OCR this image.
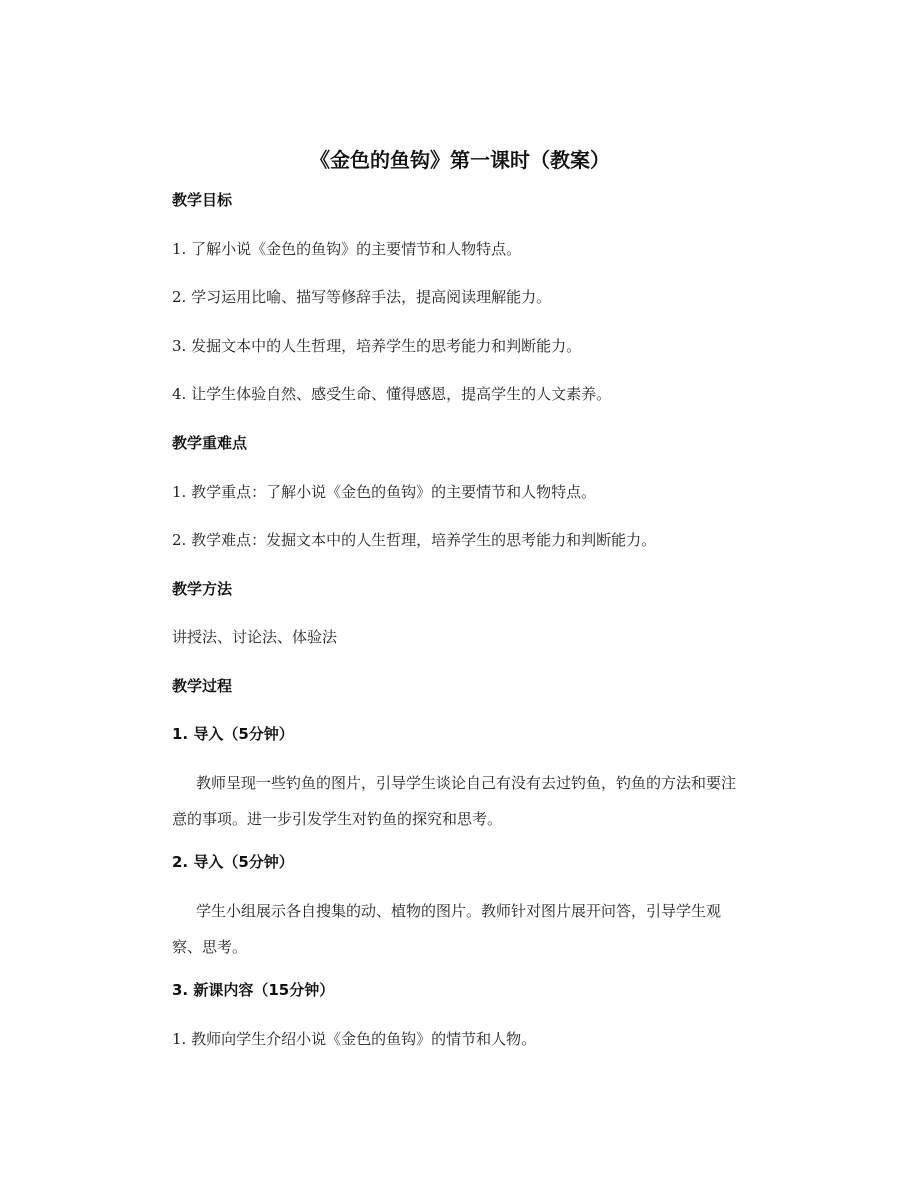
《金色的鱼钩》第一课时（教案）
教学目标
1. 了解小说《金色的鱼钩》的主要情节和人物特点。
2. 学习运用比喻、描写等修辞手法，提高阅读理解能力。
3. 发掘文本中的人生哲理，培养学生的思考能力和判断能力。
4. 让学生体验自然、感受生命、懂得感恩，提高学生的人文素养。
教学重难点
1. 教学重点：了解小说《金色的鱼钩》的主要情节和人物特点。
2. 教学难点：发掘文本中的人生哲理，培养学生的思考能力和判断能力。
教学方法
讲授法、讨论法、体验法
教学过程
1. 导入（5分钟）
教师呈现一些钓鱼的图片，引导学生谈论自己有没有去过钓鱼，钓鱼的方法和要注意的事项。进一步引发学生对钓鱼的探究和思考。
2. 导入（5分钟）
学生小组展示各自搜集的动、植物的图片。教师针对图片展开问答，引导学生观察、思考。
3. 新课内容（15分钟）
1. 教师向学生介绍小说《金色的鱼钩》的情节和人物。
